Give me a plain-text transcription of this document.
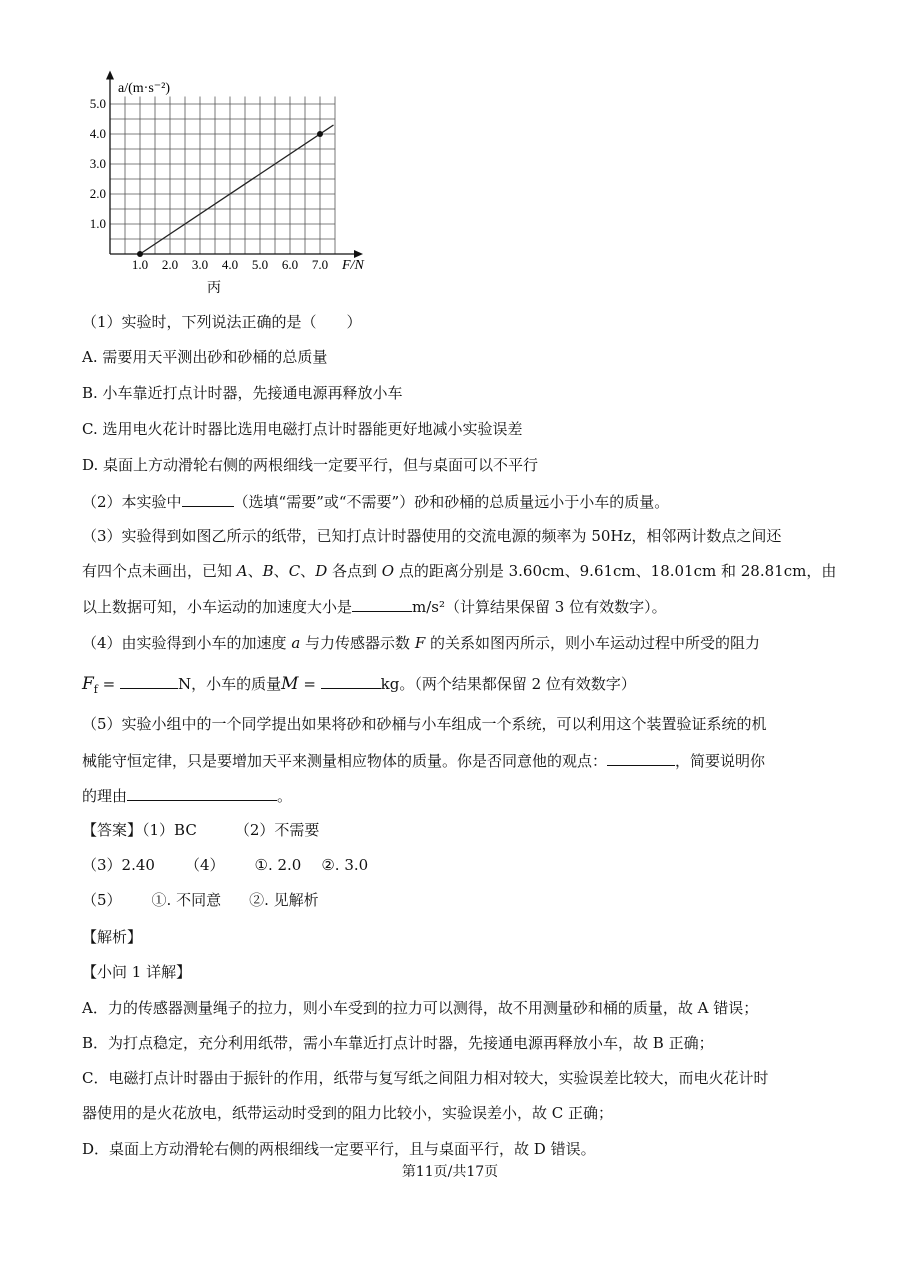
1.0 2.0 3.0 4.0 5.0 6.0 7.0
1.0
2.0
3.0
4.0
5.0
a/(m·s⁻²)
F/N
丙
（1）实验时，下列说法正确的是（　　）
A. 需要用天平测出砂和砂桶的总质量
B. 小车靠近打点计时器，先接通电源再释放小车
C. 选用电火花计时器比选用电磁打点计时器能更好地减小实验误差
D. 桌面上方动滑轮右侧的两根细线一定要平行，但与桌面可以不平行
（2）本实验中	（选填“需要”或“不需要”）砂和砂桶的总质量远小于小车的质量。
（3）实验得到如图乙所示的纸带，已知打点计时器使用的交流电源的频率为 50Hz，相邻两计数点之间还
有四个点未画出，已知 A、B、C、D 各点到 O 点的距离分别是 3.60cm、9.61cm、18.01cm 和 28.81cm，由
以上数据可知，小车运动的加速度大小是	m/s²（计算结果保留 3 位有效数字）。
（4）由实验得到小车的加速度 a 与力传感器示数 F 的关系如图丙所示，则小车运动过程中所受的阻力
$F_f$ =	N，小车的质量M =	kg。（两个结果都保留 2 位有效数字）
（5）实验小组中的一个同学提出如果将砂和砂桶与小车组成一个系统，可以利用这个装置验证系统的机
械能守恒定律，只是要增加天平来测量相应物体的质量。你是否同意他的观点：	，简要说明你
的理由	。
【答案】（1）BC	（2）不需要
（3）2.40 （4） ①. 2.0 ②. 3.0
（5） ①. 不同意 ②. 见解析
【解析】
【小问 1 详解】
A．力的传感器测量绳子的拉力，则小车受到的拉力可以测得，故不用测量砂和桶的质量，故 A 错误；
B．为打点稳定，充分利用纸带，需小车靠近打点计时器，先接通电源再释放小车，故 B 正确；
C．电磁打点计时器由于振针的作用，纸带与复写纸之间阻力相对较大，实验误差比较大，而电火花计时
器使用的是火花放电，纸带运动时受到的阻力比较小，实验误差小，故 C 正确；
D．桌面上方动滑轮右侧的两根细线一定要平行，且与桌面平行，故 D 错误。
第11页/共17页
